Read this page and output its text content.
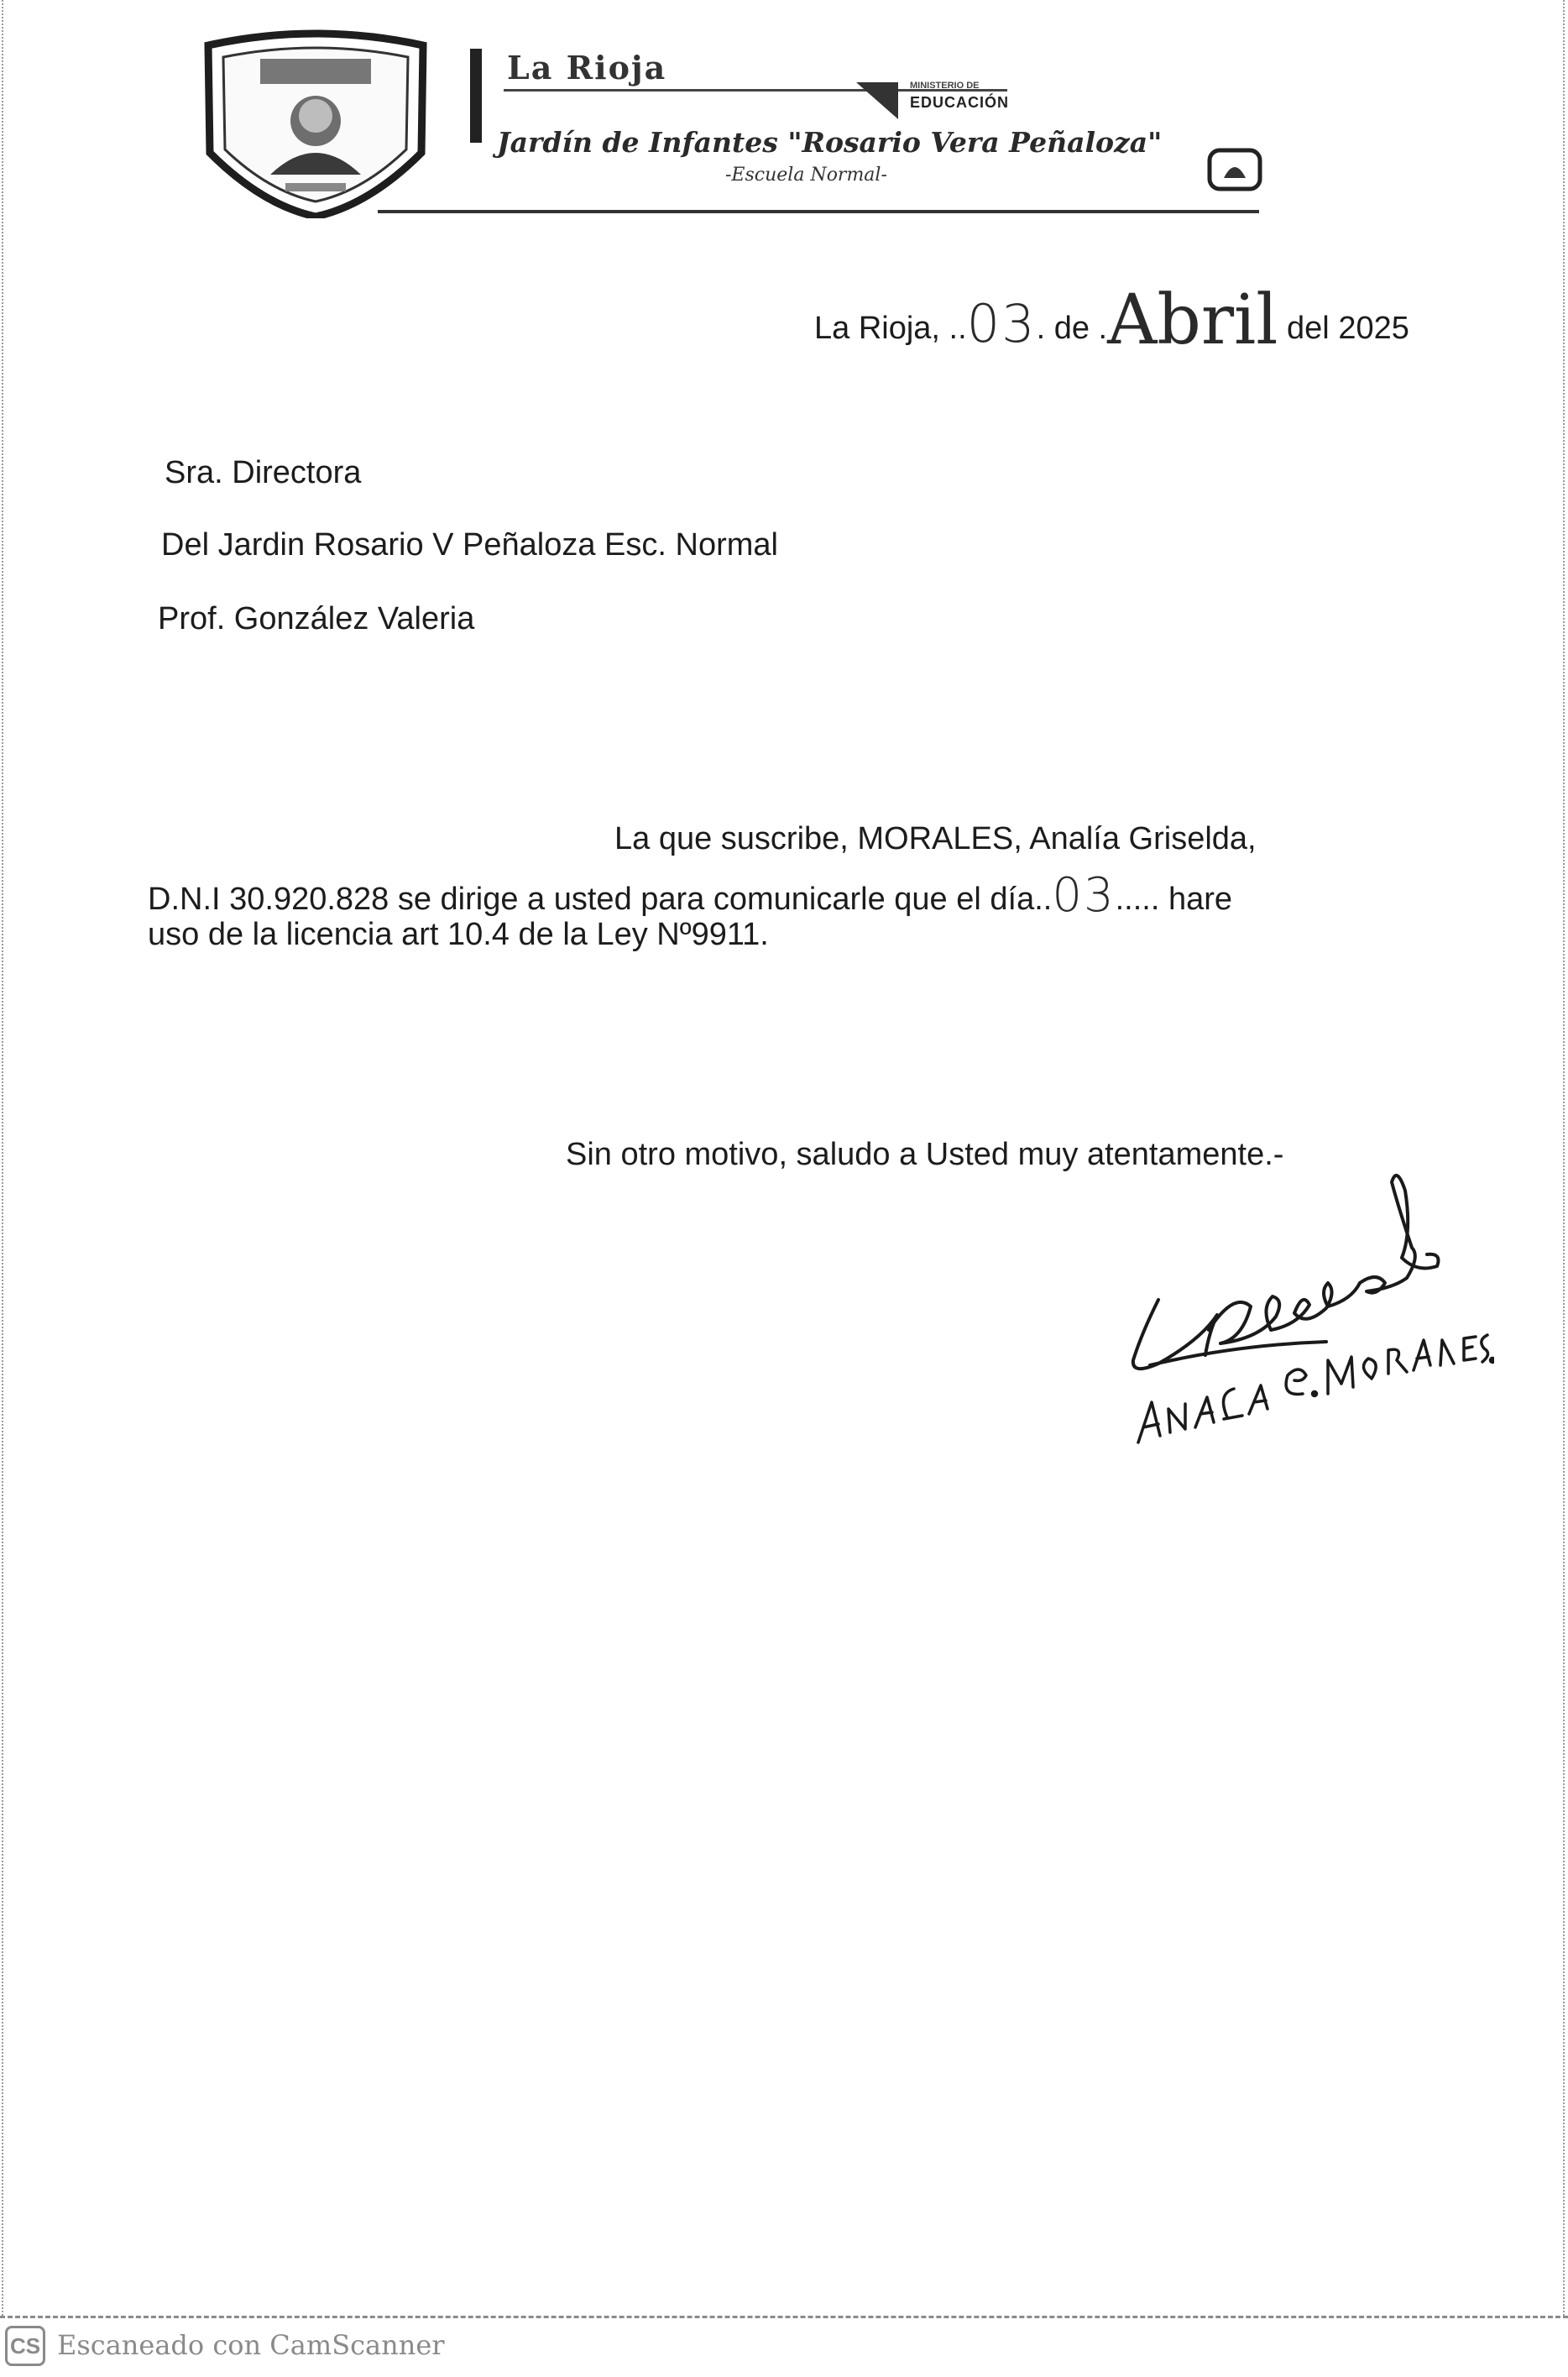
La Rioja	MINISTERIO DE
EDUCACIÓN
Jardín de Infantes "Rosario Vera Peñaloza"
-Escuela Normal-
La Rioja, ..03. de .Abril del 2025
Sra. Directora
Del Jardin Rosario V Peñaloza Esc. Normal
Prof. González Valeria
La que suscribe, MORALES, Analía Griselda,
D.N.I 30.920.828 se dirige a usted para comunicarle que el día..03..... hare
uso de la licencia art 10.4 de la Ley Nº9911.
Sin otro motivo, saludo a Usted muy atentamente.-
CS Escaneado con CamScanner
